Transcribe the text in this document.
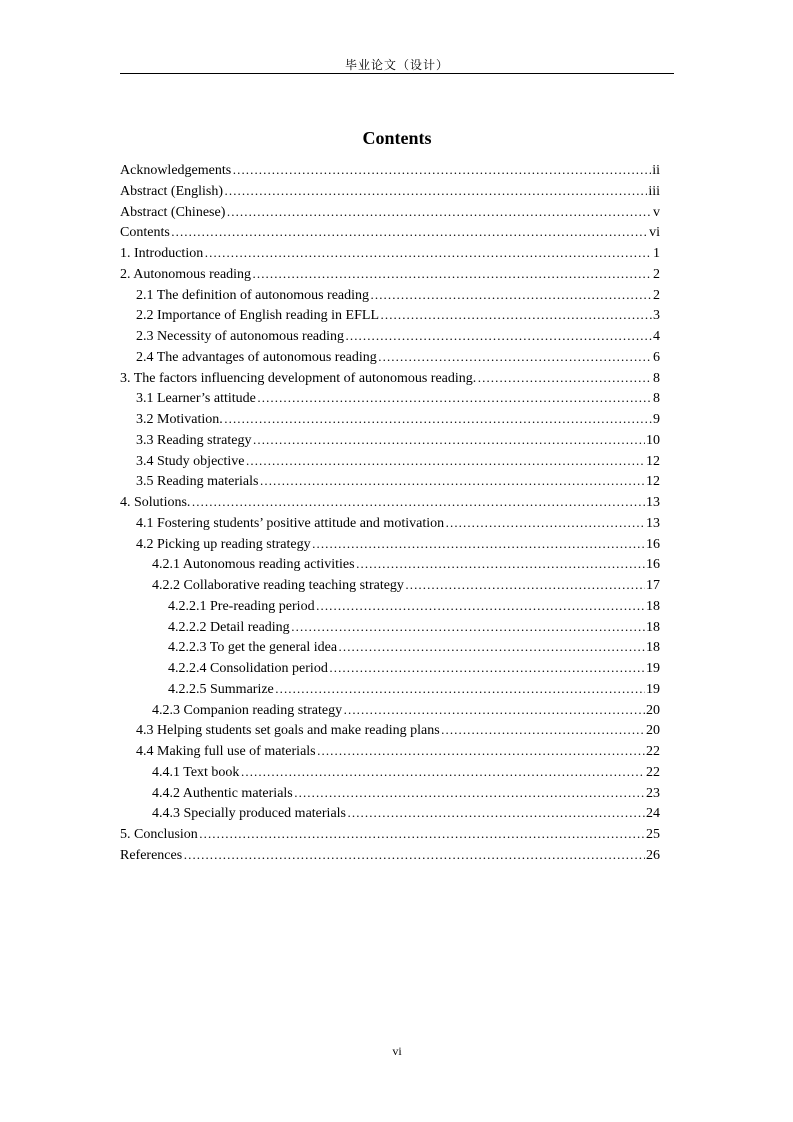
毕业论文（设计）
Contents
Acknowledgements …………………………………………………………………………………………………………………………………………………………………………………………………………………	ii
Abstract (English) …………………………………………………………………………………………………………………………………………………………………………………………………………………	iii
Abstract (Chinese) …………………………………………………………………………………………………………………………………………………………………………………………………………………	v
Contents …………………………………………………………………………………………………………………………………………………………………………………………………………………	vi
1. Introduction …………………………………………………………………………………………………………………………………………………………………………………………………………………	1
2. Autonomous reading …………………………………………………………………………………………………………………………………………………………………………………………………………………	2
2.1 The definition of autonomous reading …………………………………………………………………………………………………………………………………………………………………………………………………………………	2
2.2 Importance of English reading in EFLL …………………………………………………………………………………………………………………………………………………………………………………………………………………	3
2.3 Necessity of autonomous reading …………………………………………………………………………………………………………………………………………………………………………………………………………………	4
2.4 The advantages of autonomous reading …………………………………………………………………………………………………………………………………………………………………………………………………………………	6
3. The factors influencing development of autonomous reading. …………………………………………………………………………………………………………………………………………………………………………………………………………………	8
3.1 Learner’s attitude …………………………………………………………………………………………………………………………………………………………………………………………………………………	8
3.2 Motivation. …………………………………………………………………………………………………………………………………………………………………………………………………………………	9
3.3 Reading strategy …………………………………………………………………………………………………………………………………………………………………………………………………………………	10
3.4 Study objective …………………………………………………………………………………………………………………………………………………………………………………………………………………	12
3.5 Reading materials …………………………………………………………………………………………………………………………………………………………………………………………………………………	12
4. Solutions. …………………………………………………………………………………………………………………………………………………………………………………………………………………	13
4.1 Fostering students’ positive attitude and motivation …………………………………………………………………………………………………………………………………………………………………………………………………………………	13
4.2 Picking up reading strategy …………………………………………………………………………………………………………………………………………………………………………………………………………………	16
4.2.1 Autonomous reading activities …………………………………………………………………………………………………………………………………………………………………………………………………………………	16
4.2.2 Collaborative reading teaching strategy …………………………………………………………………………………………………………………………………………………………………………………………………………………	17
4.2.2.1 Pre-reading period …………………………………………………………………………………………………………………………………………………………………………………………………………………	18
4.2.2.2 Detail reading …………………………………………………………………………………………………………………………………………………………………………………………………………………	18
4.2.2.3 To get the general idea …………………………………………………………………………………………………………………………………………………………………………………………………………………	18
4.2.2.4 Consolidation period …………………………………………………………………………………………………………………………………………………………………………………………………………………	19
4.2.2.5 Summarize …………………………………………………………………………………………………………………………………………………………………………………………………………………	19
4.2.3 Companion reading strategy …………………………………………………………………………………………………………………………………………………………………………………………………………………	20
4.3 Helping students set goals and make reading plans …………………………………………………………………………………………………………………………………………………………………………………………………………………	20
4.4 Making full use of materials …………………………………………………………………………………………………………………………………………………………………………………………………………………	22
4.4.1 Text book …………………………………………………………………………………………………………………………………………………………………………………………………………………	22
4.4.2 Authentic materials …………………………………………………………………………………………………………………………………………………………………………………………………………………	23
4.4.3 Specially produced materials …………………………………………………………………………………………………………………………………………………………………………………………………………………	24
5. Conclusion …………………………………………………………………………………………………………………………………………………………………………………………………………………	25
References …………………………………………………………………………………………………………………………………………………………………………………………………………………	26
vi
